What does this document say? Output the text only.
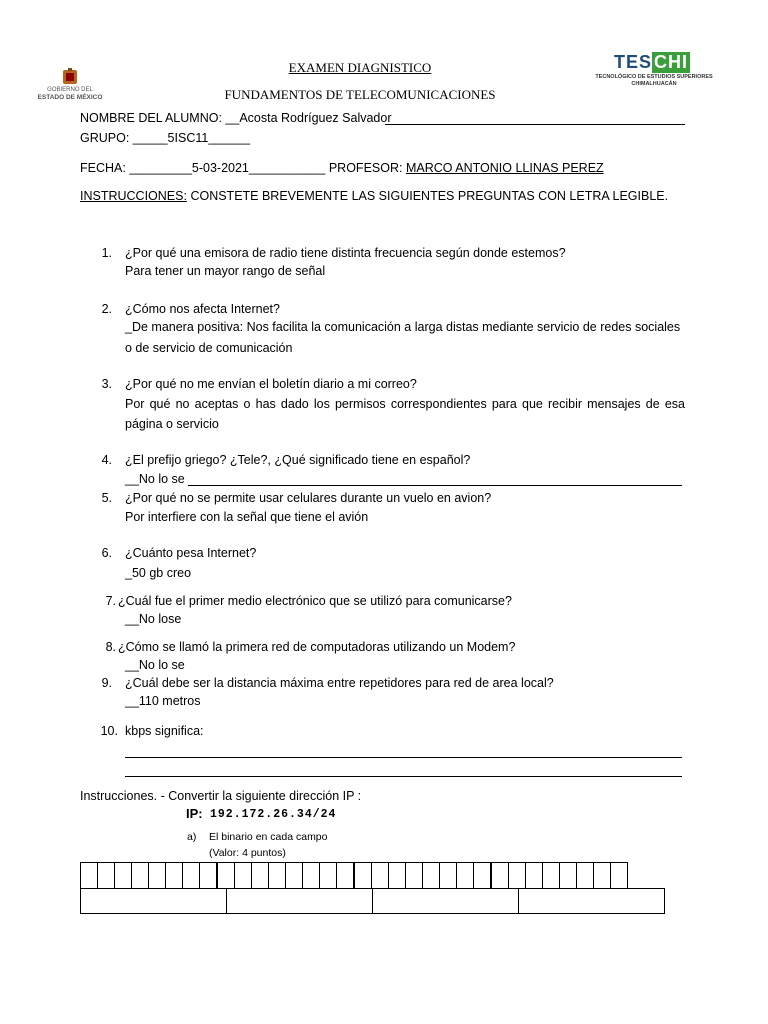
GOBIERNO DEL
ESTADO DE MÉXICO
TES CHI
TECNOLÓGICO DE ESTUDIOS SUPERIORES
CHIMALHUACÁN
EXAMEN DIAGNISTICO
FUNDAMENTOS DE TELECOMUNICACIONES
NOMBRE DEL ALUMNO: __Acosta Rodríguez Salvador
GRUPO: _____5ISC11______
FECHA: _________5-03-2021___________ PROFESOR: MARCO ANTONIO LLINAS PEREZ
INSTRUCCIONES: CONSTETE BREVEMENTE LAS SIGUIENTES PREGUNTAS CON LETRA LEGIBLE.
1. ¿Por qué una emisora de radio tiene distinta frecuencia según donde estemos?
Para tener un mayor rango de señal
2. ¿Cómo nos afecta Internet?
_De manera positiva: Nos facilita la comunicación a larga distas mediante servicio de redes sociales
o de servicio de comunicación
3. ¿Por qué no me envían el boletín diario a mi correo?
Por qué no aceptas o has dado los permisos correspondientes para que recibir mensajes de esa
página o servicio
4. ¿El prefijo griego? ¿Tele?, ¿Qué significado tiene en español?
__No lo se
5. ¿Por qué no se permite usar celulares durante un vuelo en avion?
Por interfiere con la señal que tiene el avión
6. ¿Cuánto pesa Internet?
_50 gb creo
7. ¿Cuál fue el primer medio electrónico que se utilizó para comunicarse?
__No lose
8. ¿Cómo se llamó la primera red de computadoras utilizando un Modem?
__No lo se
9. ¿Cuál debe ser la distancia máxima entre repetidores para red de area local?
__110 metros
10. kbps significa:
Instrucciones. - Convertir la siguiente dirección IP :
IP: 192.172.26.34/24
a) El binario en cada campo
(Valor: 4 puntos)
